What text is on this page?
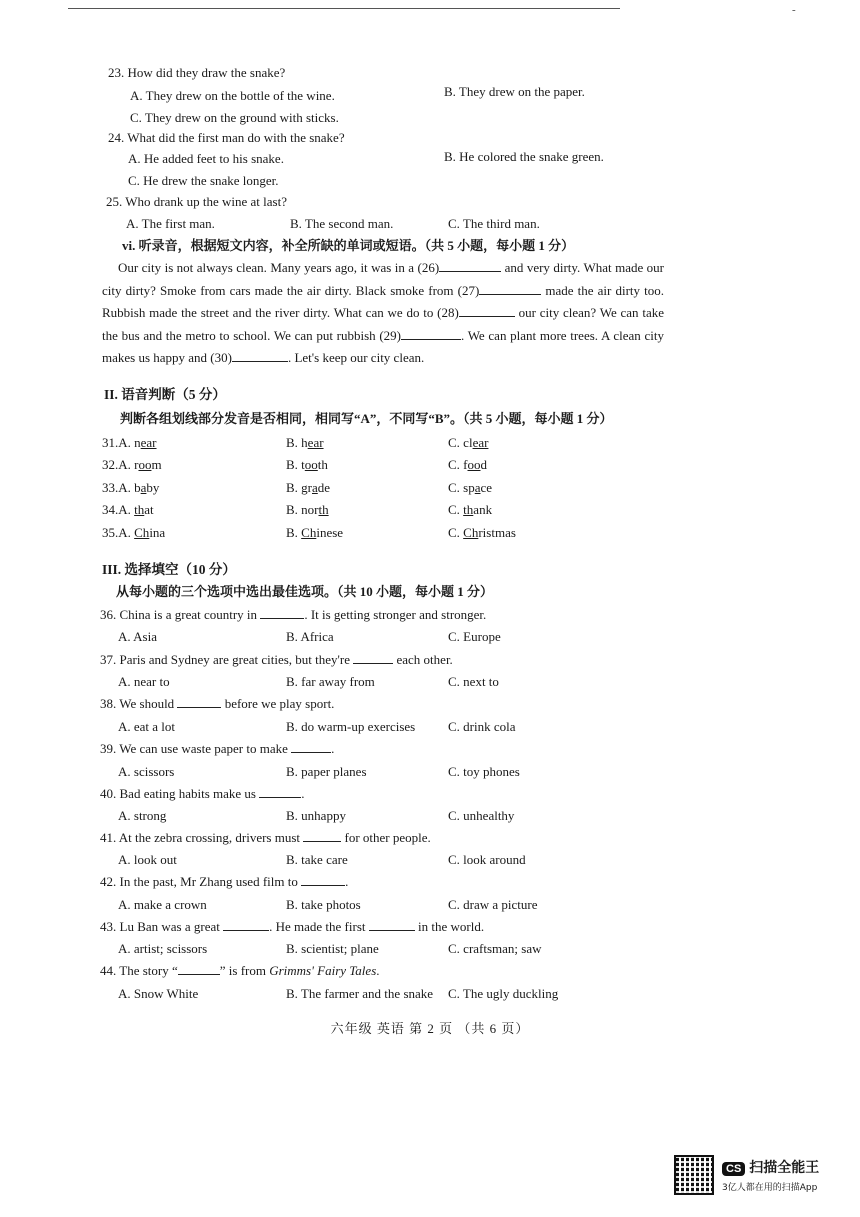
-
23. How did they draw the snake?
A. They drew on the bottle of the wine.	B. They drew on the paper.
C. They drew on the ground with sticks.
24. What did the first man do with the snake?
A. He added feet to his snake.	B. He colored the snake green.
C. He drew the snake longer.
25. Who drank up the wine at last?
A. The first man.	B. The second man.	C. The third man.
vi. 听录音，根据短文内容，补全所缺的单词或短语。（共 5 小题，每小题 1 分）
Our city is not always clean. Many years ago, it was in a (26)	and very dirty. What made our city dirty? Smoke from cars made the air dirty. Black smoke from (27)	made the air dirty too. Rubbish made the street and the river dirty. What can we do to (28)	our city clean? We can take the bus and the metro to school. We can put rubbish (29)	. We can plant more trees. A clean city makes us happy and (30)	. Let's keep our city clean.
II. 语音判断（5 分）
判断各组划线部分发音是否相同，相同写“A”，不同写“B”。（共 5 小题，每小题 1 分）
31.A. near	B. hear	C. clear
32.A. room	B. tooth	C. food
33.A. baby	B. grade	C. space
34.A. that	B. north	C. thank
35.A. China	B. Chinese	C. Christmas
III. 选择填空（10 分）
从每小题的三个选项中选出最佳选项。（共 10 小题，每小题 1 分）
36. China is a great country in	. It is getting stronger and stronger.
A. Asia	B. Africa	C. Europe
37. Paris and Sydney are great cities, but they're	each other.
A. near to	B. far away from	C. next to
38. We should	before we play sport.
A. eat a lot	B. do warm-up exercises	C. drink cola
39. We can use waste paper to make	.
A. scissors	B. paper planes	C. toy phones
40. Bad eating habits make us	.
A. strong	B. unhappy	C. unhealthy
41. At the zebra crossing, drivers must	for other people.
A. look out	B. take care	C. look around
42. In the past, Mr Zhang used film to	.
A. make a crown	B. take photos	C. draw a picture
43. Lu Ban was a great	. He made the first	in the world.
A. artist; scissors	B. scientist; plane	C. craftsman; saw
44. The story “	” is from Grimms' Fairy Tales.
A. Snow White	B. The farmer and the snake C. The ugly duckling
六年级 英语 第 2 页 （共 6 页）
CS 扫描全能王
3亿人都在用的扫描App
